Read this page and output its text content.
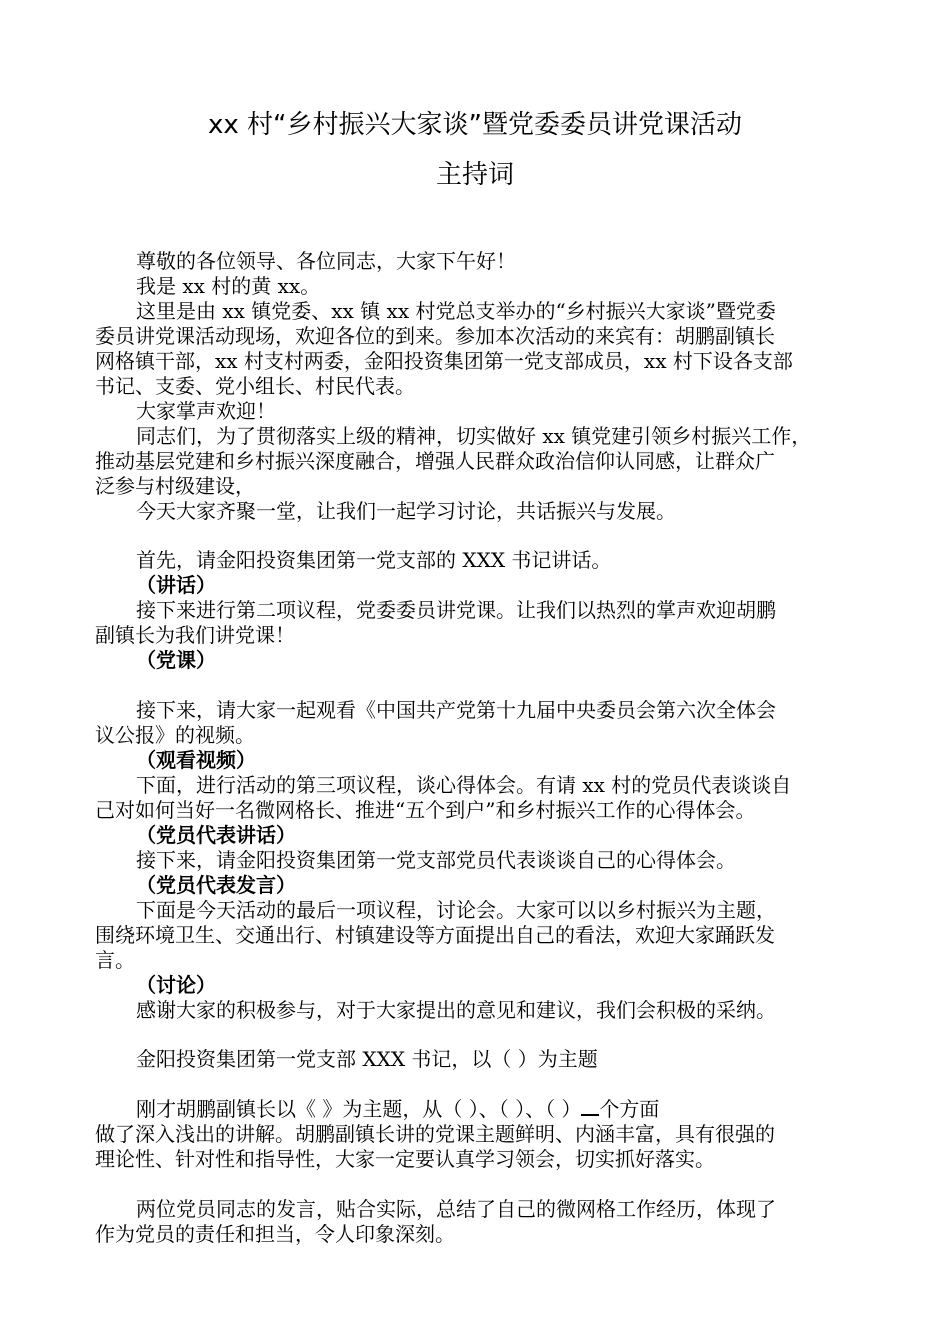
xx 村“乡村振兴大家谈”暨党委委员讲党课活动
主持词
尊敬的各位领导、各位同志，大家下午好！
我是 xx 村的黄 xx。
这里是由 xx 镇党委、xx 镇 xx 村党总支举办的“乡村振兴大家谈”暨党委
委员讲党课活动现场，欢迎各位的到来。参加本次活动的来宾有：胡鹏副镇长
网格镇干部，xx 村支村两委，金阳投资集团第一党支部成员，xx 村下设各支部
书记、支委、党小组长、村民代表。
大家掌声欢迎！
同志们，为了贯彻落实上级的精神，切实做好 xx 镇党建引领乡村振兴工作，
推动基层党建和乡村振兴深度融合，增强人民群众政治信仰认同感，让群众广
泛参与村级建设，
今天大家齐聚一堂，让我们一起学习讨论，共话振兴与发展。
首先，请金阳投资集团第一党支部的 XXX 书记讲话。
（讲话）
接下来进行第二项议程，党委委员讲党课。让我们以热烈的掌声欢迎胡鹏
副镇长为我们讲党课！
（党课）
接下来，请大家一起观看《中国共产党第十九届中央委员会第六次全体会
议公报》的视频。
（观看视频）
下面，进行活动的第三项议程，谈心得体会。有请 xx 村的党员代表谈谈自
己对如何当好一名微网格长、推进“五个到户”和乡村振兴工作的心得体会。
（党员代表讲话）
接下来，请金阳投资集团第一党支部党员代表谈谈自己的心得体会。
（党员代表发言）
下面是今天活动的最后一项议程，讨论会。大家可以以乡村振兴为主题，
围绕环境卫生、交通出行、村镇建设等方面提出自己的看法，欢迎大家踊跃发
言。
（讨论）
感谢大家的积极参与，对于大家提出的意见和建议，我们会积极的采纳。
金阳投资集团第一党支部 XXX 书记，以（ ）为主题
刚才胡鹏副镇长以《 》为主题，从（ ）、（ ）、（ ） 个方面
做了深入浅出的讲解。胡鹏副镇长讲的党课主题鲜明、内涵丰富，具有很强的
理论性、针对性和指导性，大家一定要认真学习领会，切实抓好落实。
两位党员同志的发言，贴合实际，总结了自己的微网格工作经历，体现了
作为党员的责任和担当，令人印象深刻。
